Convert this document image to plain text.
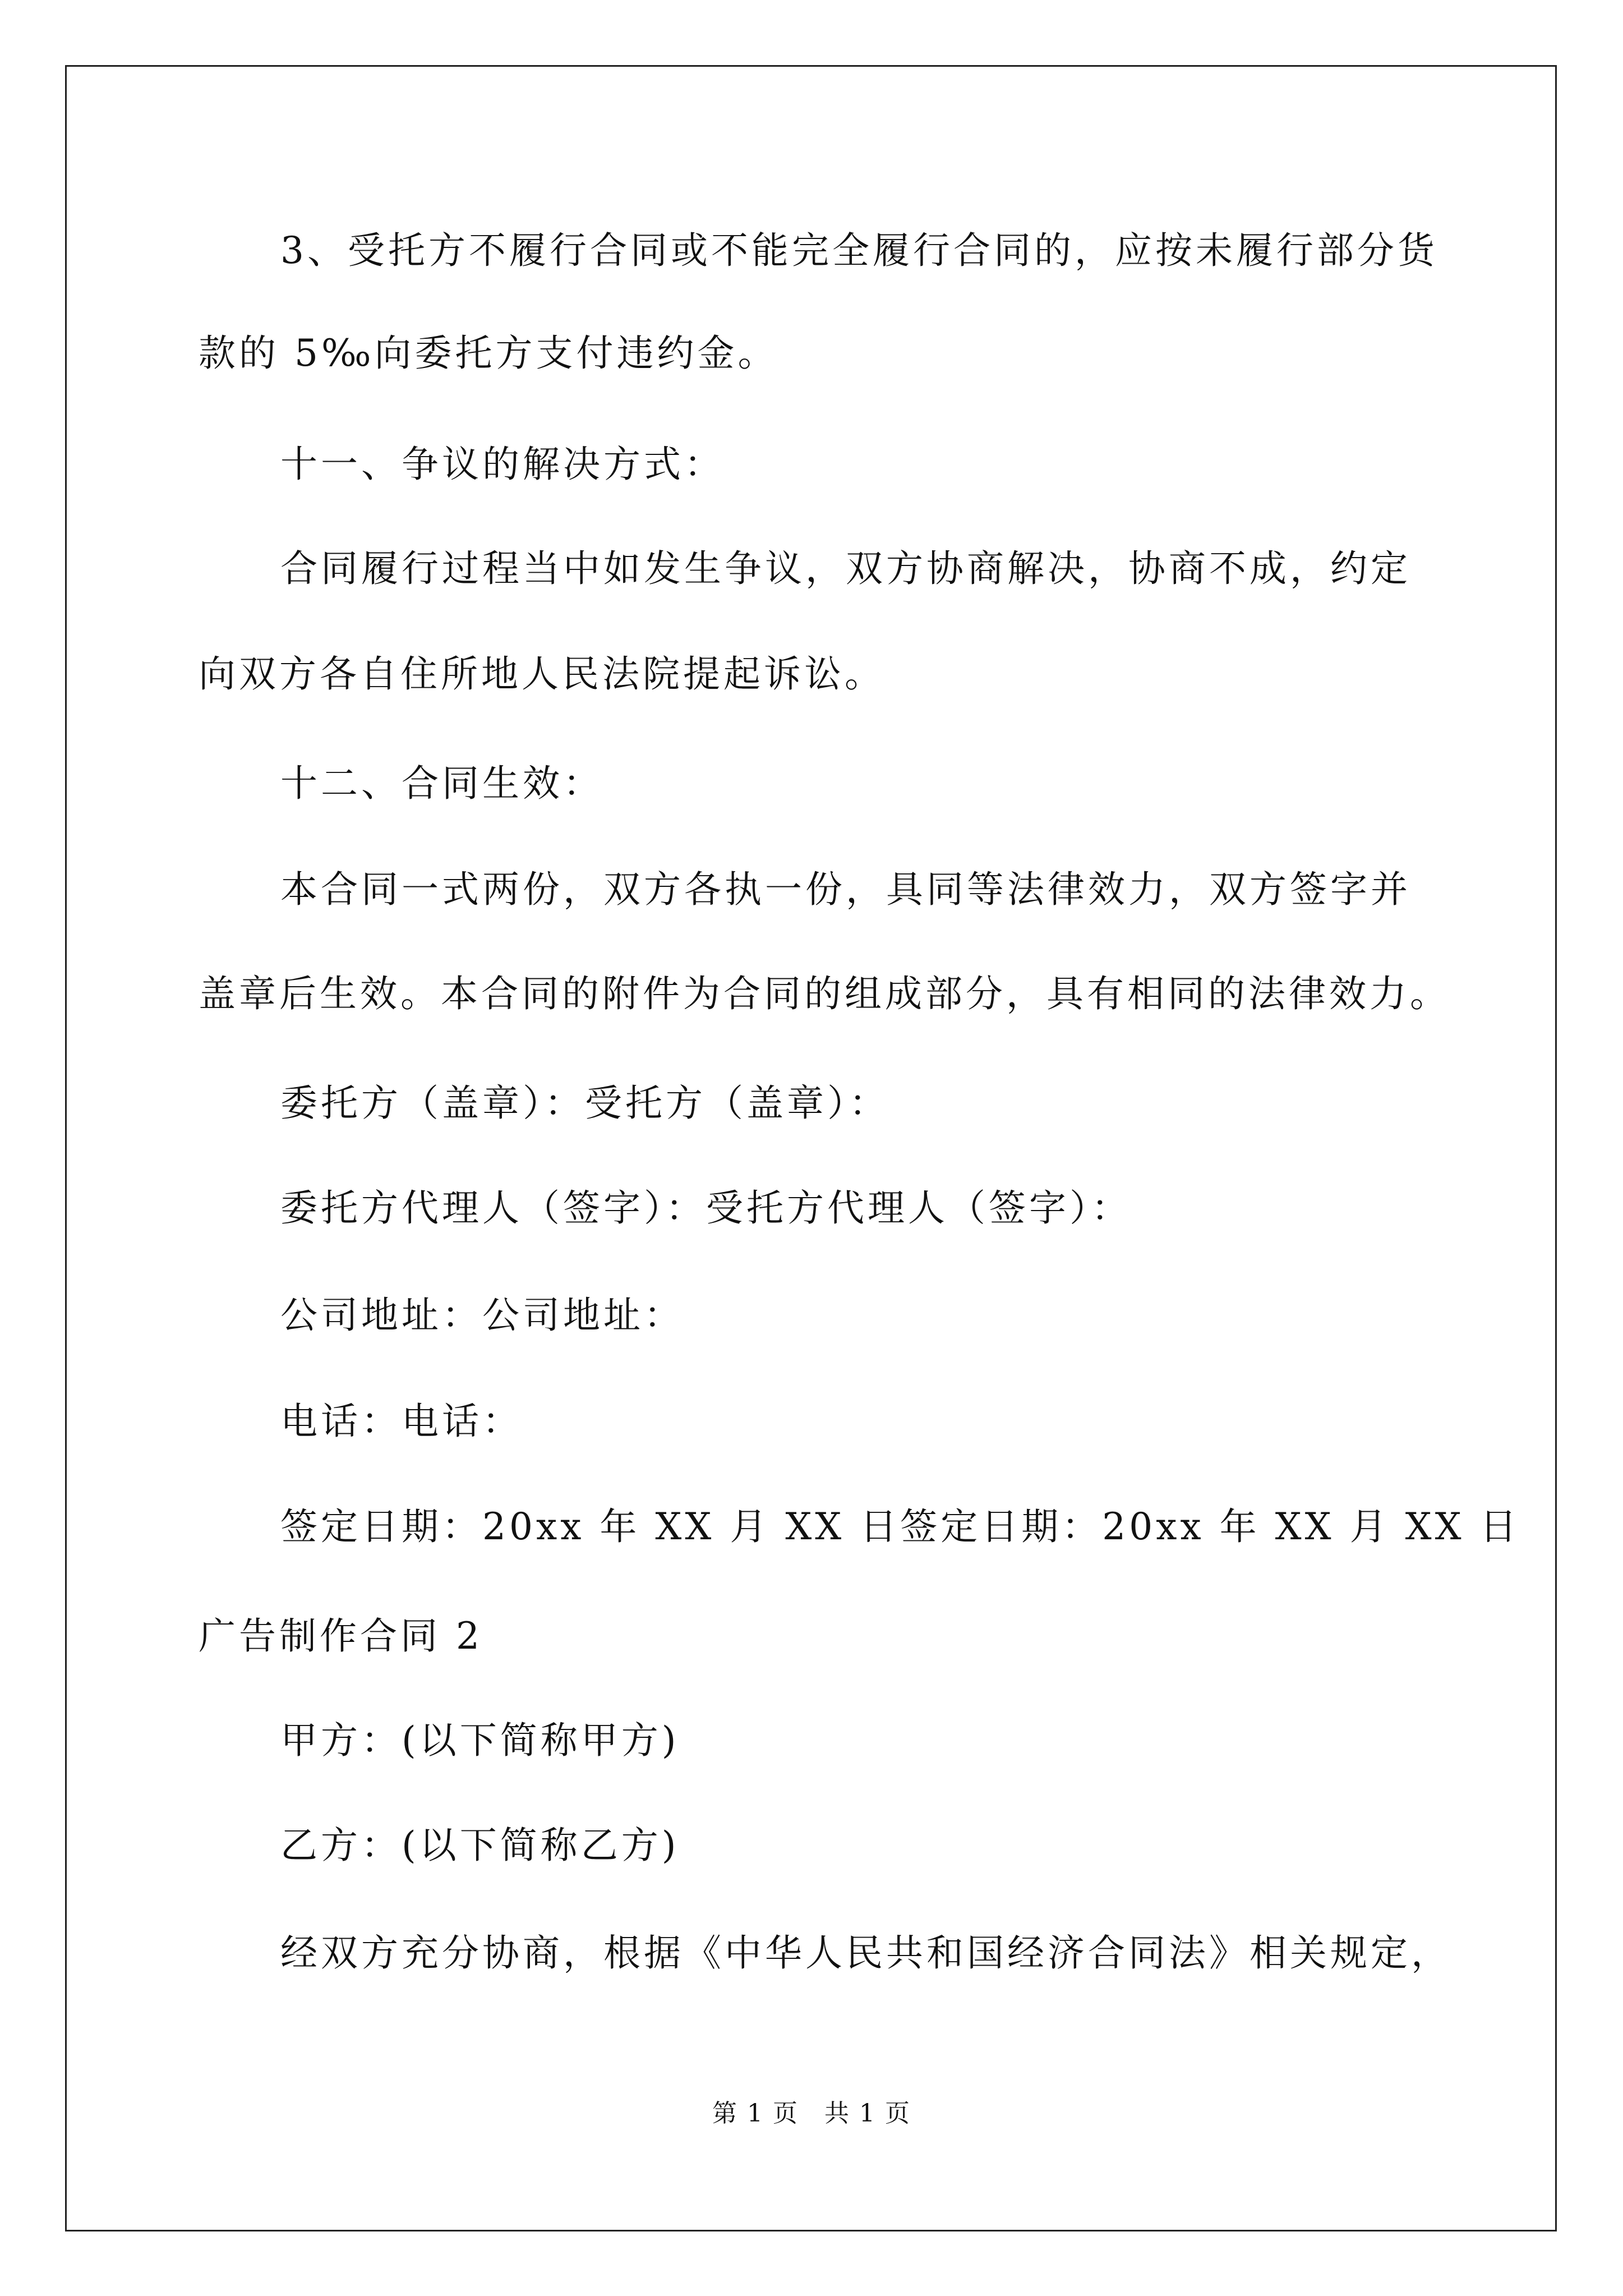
3、受托方不履行合同或不能完全履行合同的，应按未履行部分货
款的 5‰向委托方支付违约金。
十一、争议的解决方式：
合同履行过程当中如发生争议，双方协商解决，协商不成，约定
向双方各自住所地人民法院提起诉讼。
十二、合同生效：
本合同一式两份，双方各执一份，具同等法律效力，双方签字并
盖章后生效。本合同的附件为合同的组成部分，具有相同的法律效力。
委托方（盖章）：受托方（盖章）：
委托方代理人（签字）：受托方代理人（签字）：
公司地址：公司地址：
电话：电话：
签定日期：20xx 年 XX 月 XX 日签定日期：20xx 年 XX 月 XX 日
广告制作合同 2
甲方：(以下简称甲方)
乙方：(以下简称乙方)
经双方充分协商，根据《中华人民共和国经济合同法》相关规定，
第 1 页　共 1 页
